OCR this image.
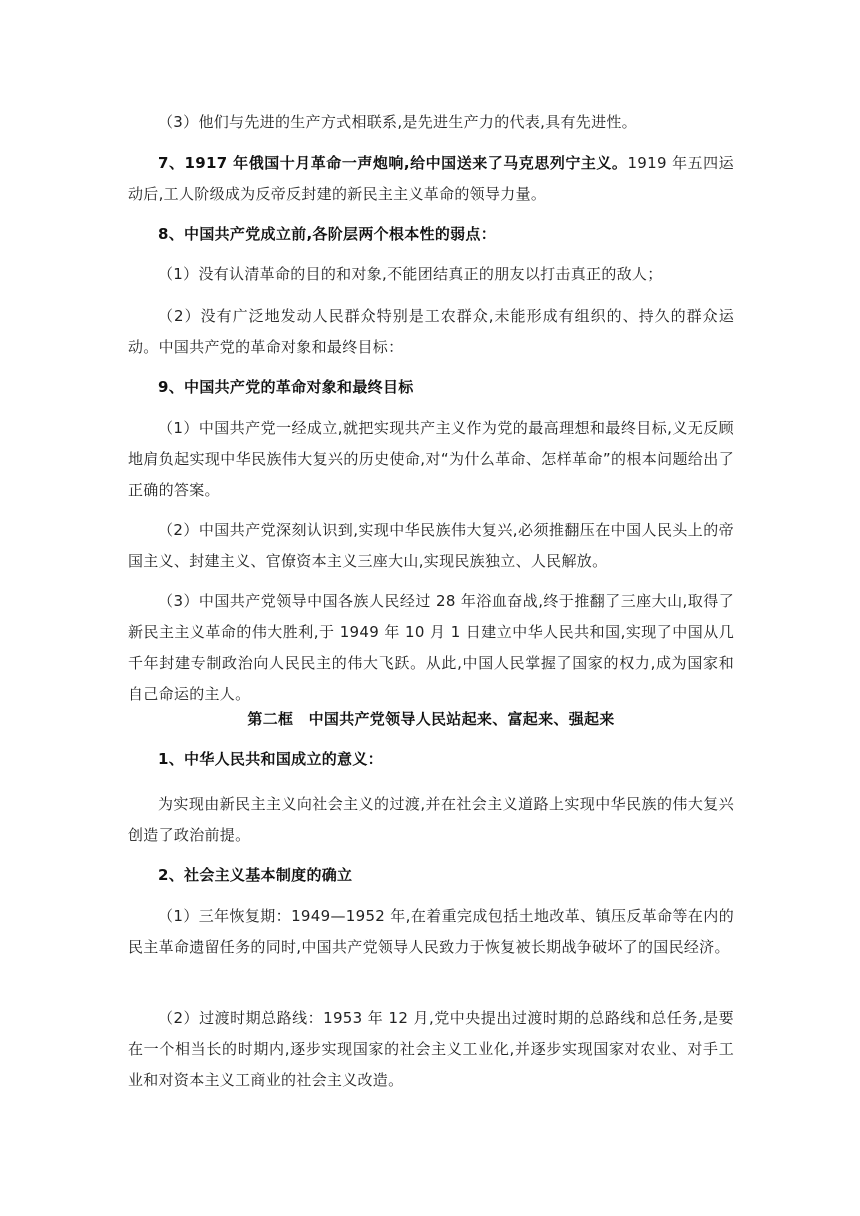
（3）他们与先进的生产方式相联系,是先进生产力的代表,具有先进性。

7、1917 年俄国十月革命一声炮响,给中国送来了马克思列宁主义。1919 年五四运动后,工人阶级成为反帝反封建的新民主主义革命的领导力量。

8、中国共产党成立前,各阶层两个根本性的弱点：

（1）没有认清革命的目的和对象,不能团结真正的朋友以打击真正的敌人；

（2）没有广泛地发动人民群众特别是工农群众,未能形成有组织的、持久的群众运动。中国共产党的革命对象和最终目标：

9、中国共产党的革命对象和最终目标

（1）中国共产党一经成立,就把实现共产主义作为党的最高理想和最终目标,义无反顾地肩负起实现中华民族伟大复兴的历史使命,对“为什么革命、怎样革命”的根本问题给出了正确的答案。

（2）中国共产党深刻认识到,实现中华民族伟大复兴,必须推翻压在中国人民头上的帝国主义、封建主义、官僚资本主义三座大山,实现民族独立、人民解放。

（3）中国共产党领导中国各族人民经过 28 年浴血奋战,终于推翻了三座大山,取得了新民主主义革命的伟大胜利,于 1949 年 10 月 1 日建立中华人民共和国,实现了中国从几千年封建专制政治向人民民主的伟大飞跃。从此,中国人民掌握了国家的权力,成为国家和自己命运的主人。

第二框　中国共产党领导人民站起来、富起来、强起来

1、中华人民共和国成立的意义：

为实现由新民主主义向社会主义的过渡,并在社会主义道路上实现中华民族的伟大复兴创造了政治前提。

2、社会主义基本制度的确立

（1）三年恢复期：1949—1952 年,在着重完成包括土地改革、镇压反革命等在内的民主革命遗留任务的同时,中国共产党领导人民致力于恢复被长期战争破坏了的国民经济。

（2）过渡时期总路线：1953 年 12 月,党中央提出过渡时期的总路线和总任务,是要在一个相当长的时期内,逐步实现国家的社会主义工业化,并逐步实现国家对农业、对手工业和对资本主义工商业的社会主义改造。
